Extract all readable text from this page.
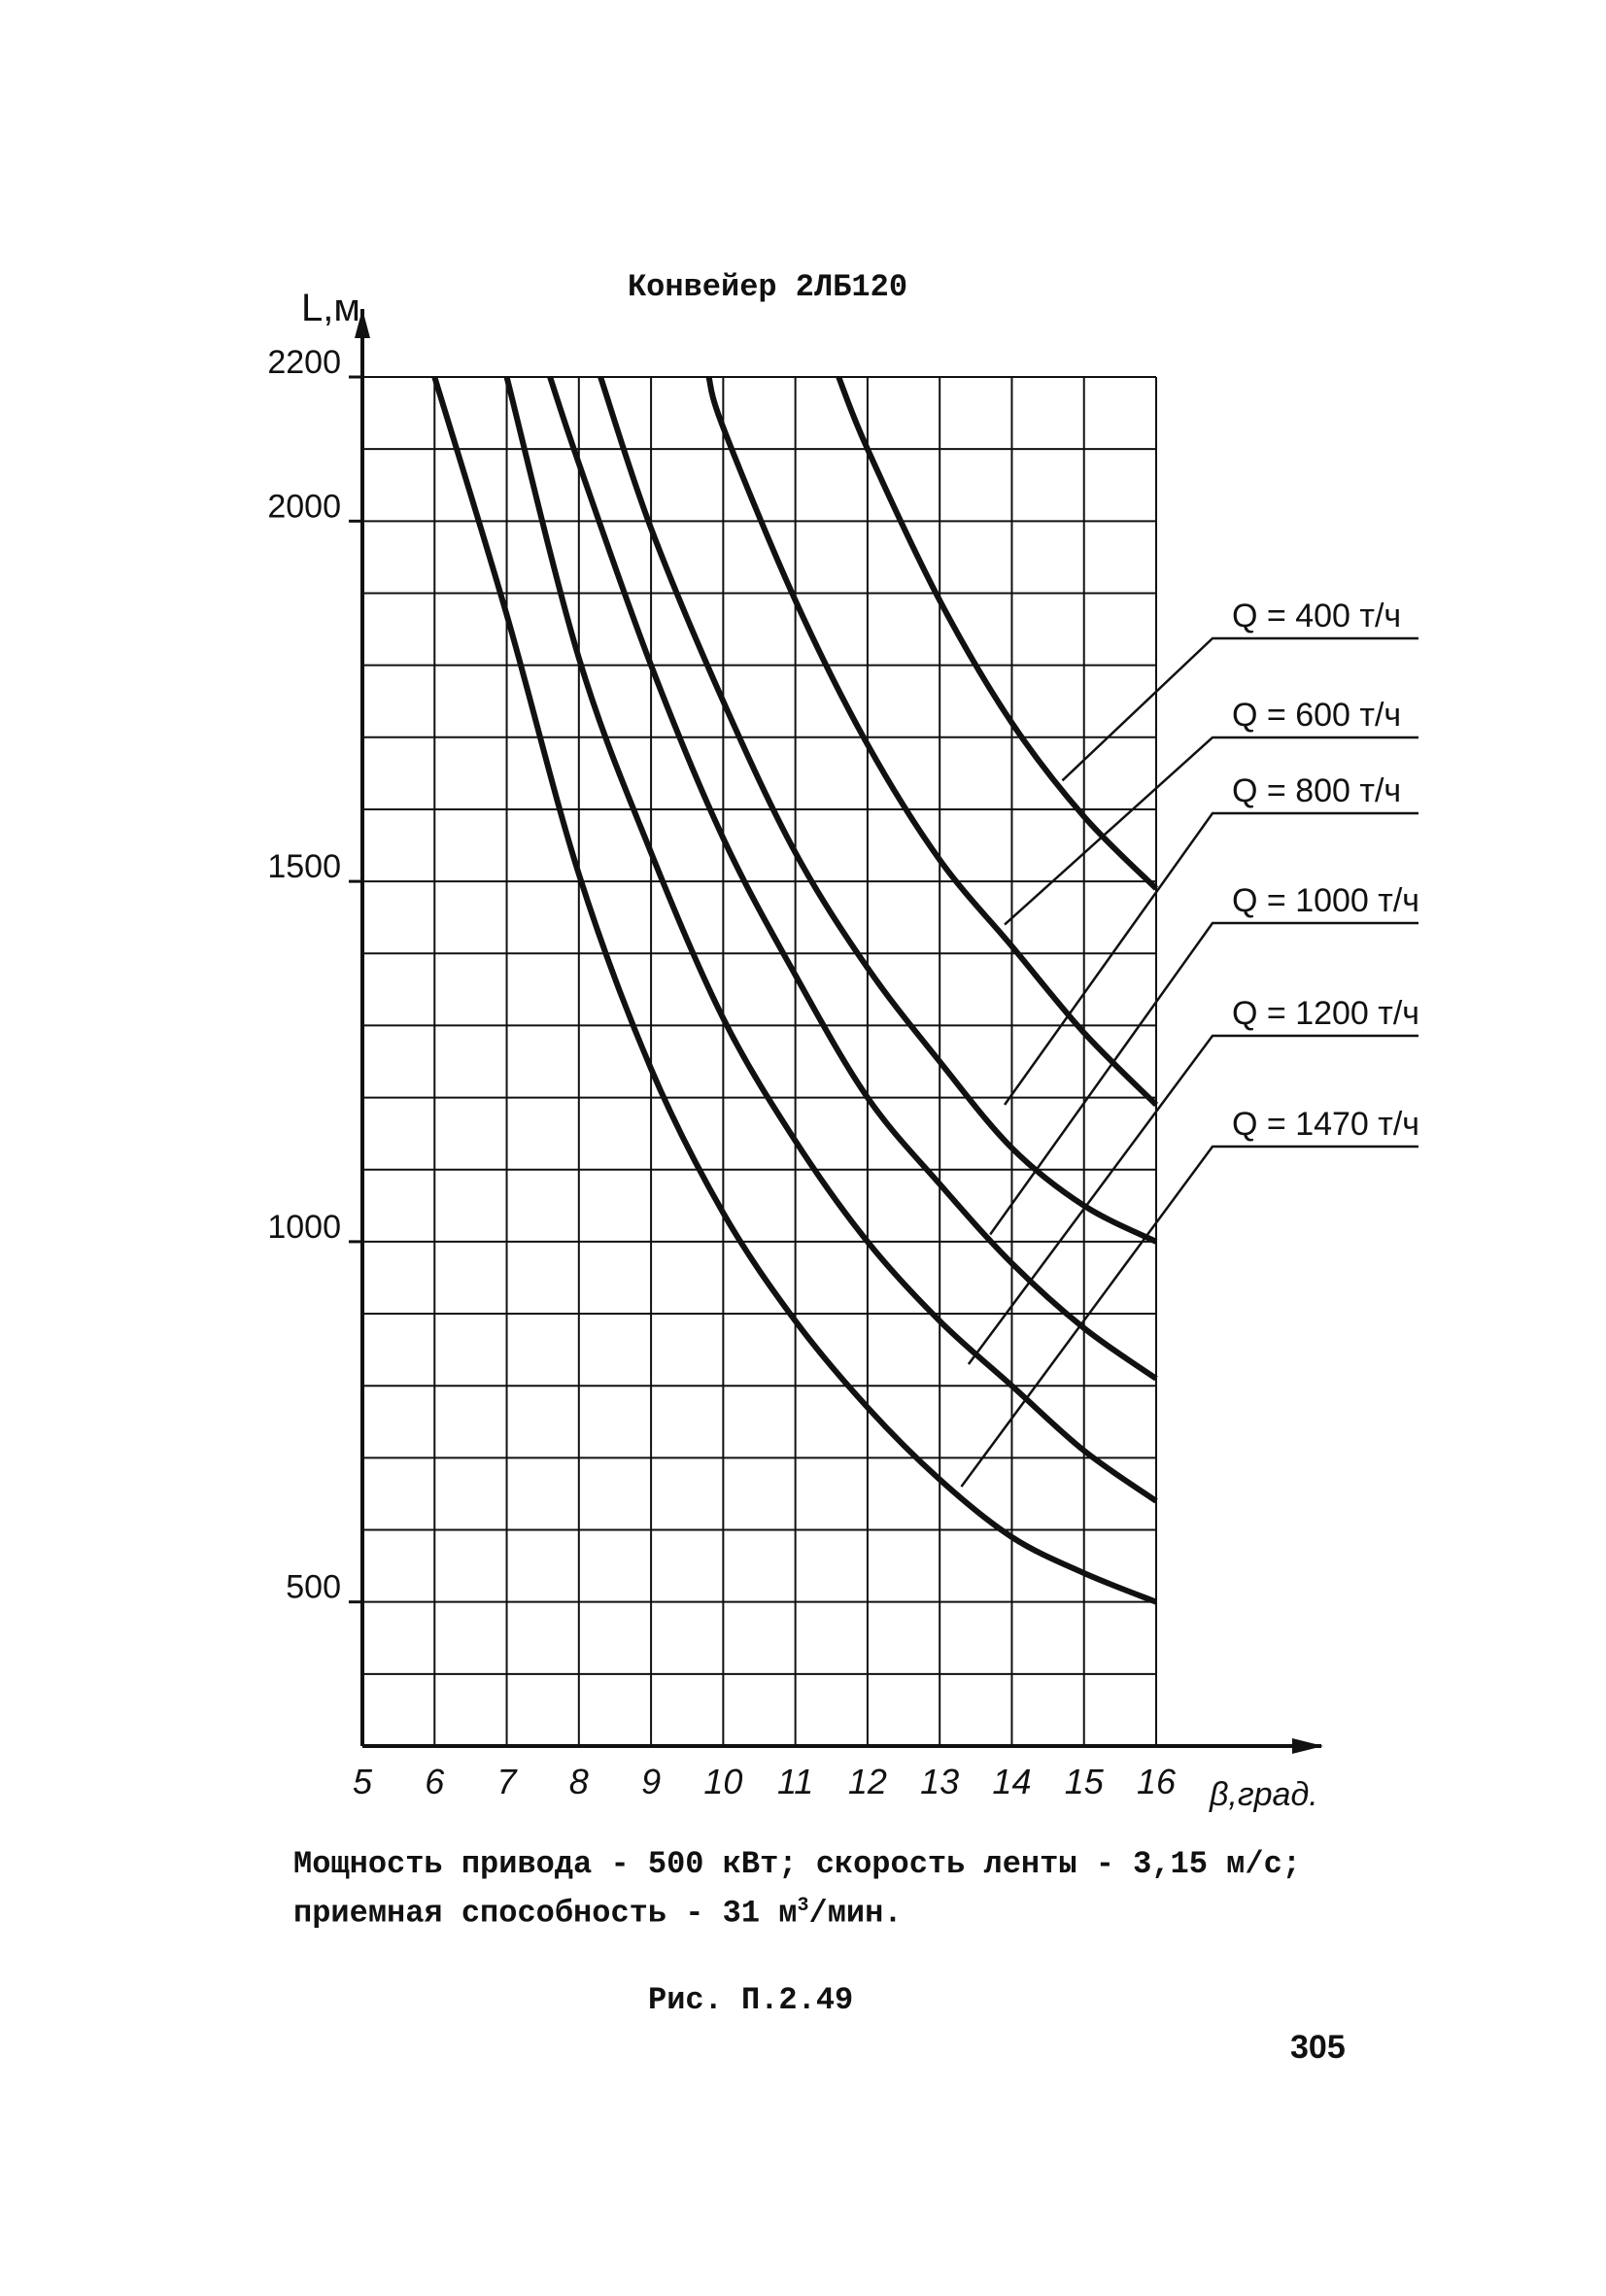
Конвейер 2ЛБ120
L,м
β,град.
500
1000
1500
2000
2200
5 6 7 8 9 10 11 12 13 14 15 16
Q = 400 т/ч
Q = 600 т/ч
Q = 800 т/ч
Q = 1000 т/ч
Q = 1200 т/ч
Q = 1470 т/ч
Мощность привода - 500 кВт; скорость ленты - 3,15 м/с;
приемная способность - 31 $м^3$/мин.
Рис. П.2.49
305
